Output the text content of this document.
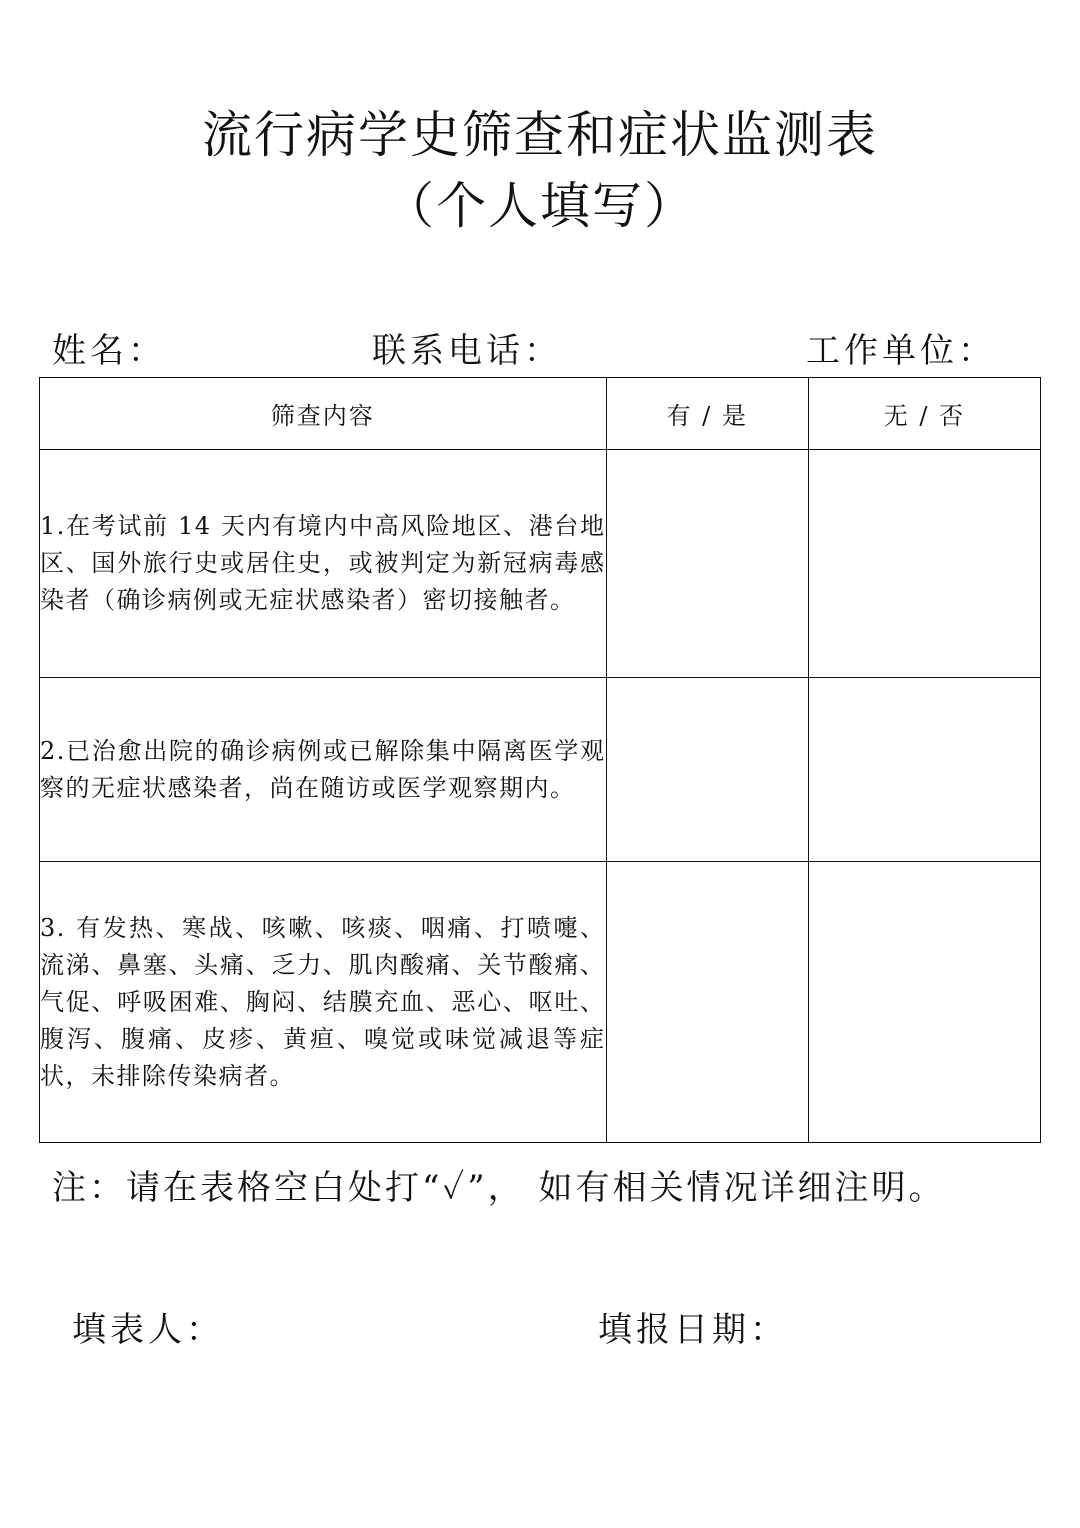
流行病学史筛查和症状监测表
（个人填写）
姓名：	联系电话：	工作单位：
筛查内容	有 / 是	无 / 否
1.在考试前 14 天内有境内中高风险地区、港台地区、国外旅行史或居住史，或被判定为新冠病毒感染者（确诊病例或无症状感染者）密切接触者。		
2.已治愈出院的确诊病例或已解除集中隔离医学观察的无症状感染者，尚在随访或医学观察期内。		
3. 有发热、寒战、咳嗽、咳痰、咽痛、打喷嚏、流涕、鼻塞、头痛、乏力、肌肉酸痛、关节酸痛、气促、呼吸困难、胸闷、结膜充血、恶心、呕吐、腹泻、腹痛、皮疹、黄疸、嗅觉或味觉减退等症状，未排除传染病者。		
注：请在表格空白处打“✓”， 如有相关情况详细注明。
填表人：	填报日期：
